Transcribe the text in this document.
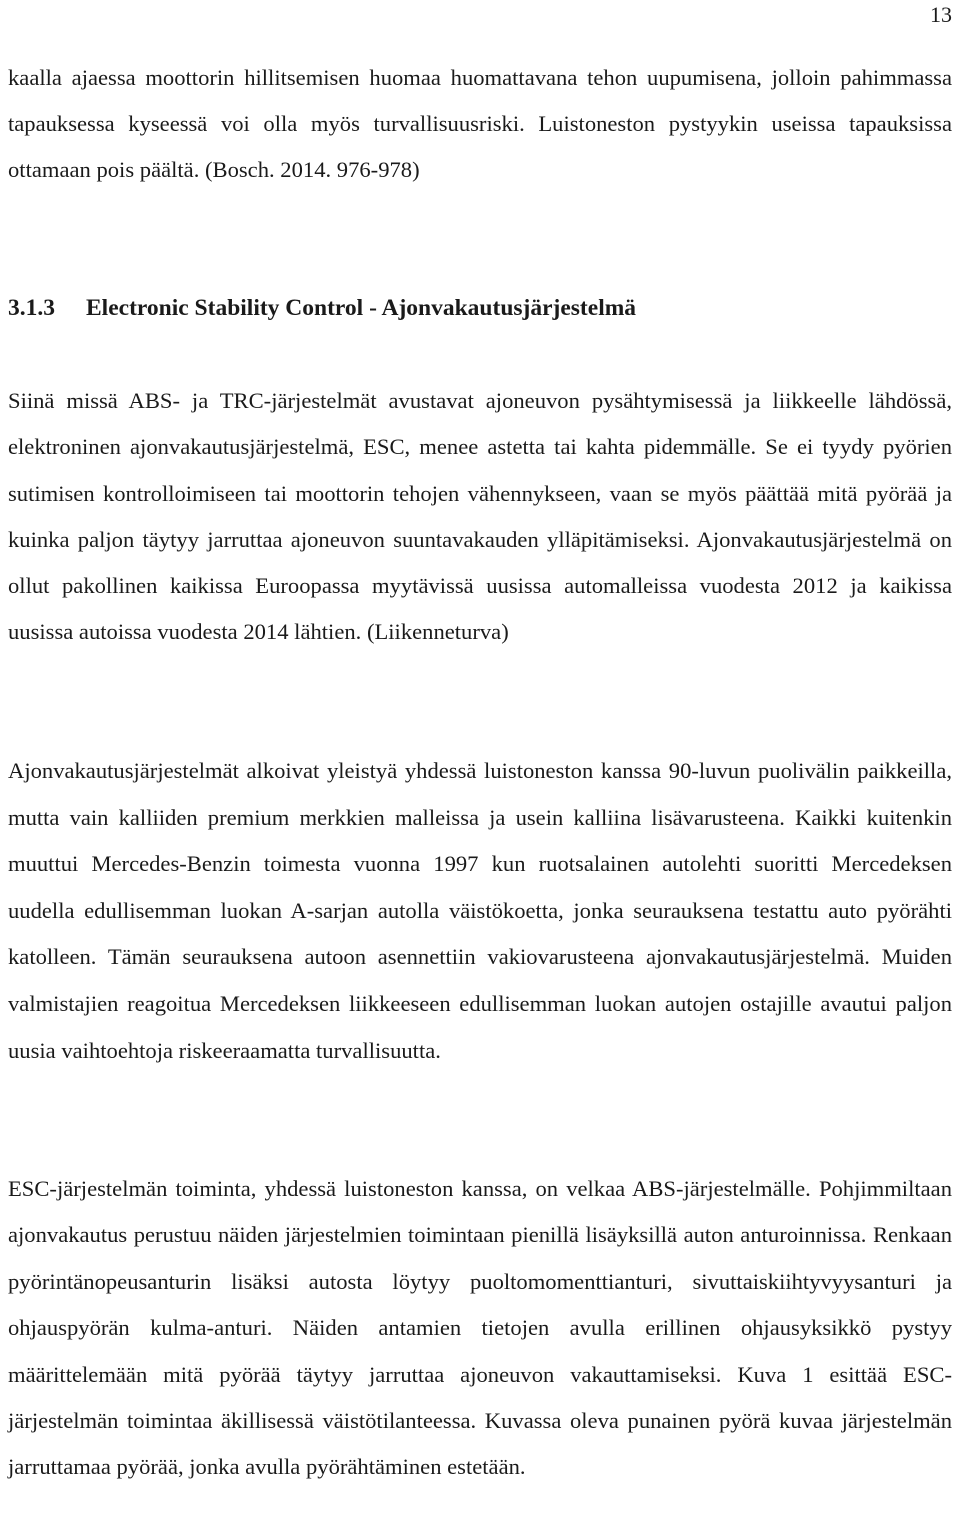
13

kaalla ajaessa moottorin hillitsemisen huomaa huomattavana tehon uupumisena, jolloin pahimmassa tapauksessa kyseessä voi olla myös turvallisuusriski. Luistoneston pystyykin useissa tapauksissa ottamaan pois päältä. (Bosch. 2014. 976-978)

3.1.3 Electronic Stability Control - Ajonvakautusjärjestelmä

Siinä missä ABS- ja TRC-järjestelmät avustavat ajoneuvon pysähtymisessä ja liikkeelle lähdössä, elektroninen ajonvakautusjärjestelmä, ESC, menee astetta tai kahta pidemmälle. Se ei tyydy pyörien sutimisen kontrolloimiseen tai moottorin tehojen vähennykseen, vaan se myös päättää mitä pyörää ja kuinka paljon täytyy jarruttaa ajoneuvon suuntavakauden ylläpitämiseksi. Ajonvakautusjärjestelmä on ollut pakollinen kaikissa Euroopassa myytävissä uusissa automalleissa vuodesta 2012 ja kaikissa uusissa autoissa vuodesta 2014 lähtien. (Liikenneturva)

Ajonvakautusjärjestelmät alkoivat yleistyä yhdessä luistoneston kanssa 90-luvun puolivälin paikkeilla, mutta vain kalliiden premium merkkien malleissa ja usein kalliina lisävarusteena. Kaikki kuitenkin muuttui Mercedes-Benzin toimesta vuonna 1997 kun ruotsalainen autolehti suoritti Mercedeksen uudella edullisemman luokan A-sarjan autolla väistökoetta, jonka seurauksena testattu auto pyörähti katolleen. Tämän seurauksena autoon asennettiin vakiovarusteena ajonvakautusjärjestelmä. Muiden valmistajien reagoitua Mercedeksen liikkeeseen edullisemman luokan autojen ostajille avautui paljon uusia vaihtoehtoja riskeeraamatta turvallisuutta.

ESC-järjestelmän toiminta, yhdessä luistoneston kanssa, on velkaa ABS-järjestelmälle. Pohjimmiltaan ajonvakautus perustuu näiden järjestelmien toimintaan pienillä lisäyksillä auton anturoinnissa. Renkaan pyörintänopeusanturin lisäksi autosta löytyy puoltomomenttianturi, sivuttaiskiihtyvyysanturi ja ohjauspyörän kulma-anturi. Näiden antamien tietojen avulla erillinen ohjausyksikkö pystyy määrittelemään mitä pyörää täytyy jarruttaa ajoneuvon vakauttamiseksi. Kuva 1 esittää ESC-järjestelmän toimintaa äkillisessä väistötilanteessa. Kuvassa oleva punainen pyörä kuvaa järjestelmän jarruttamaa pyörää, jonka avulla pyörähtäminen estetään.
